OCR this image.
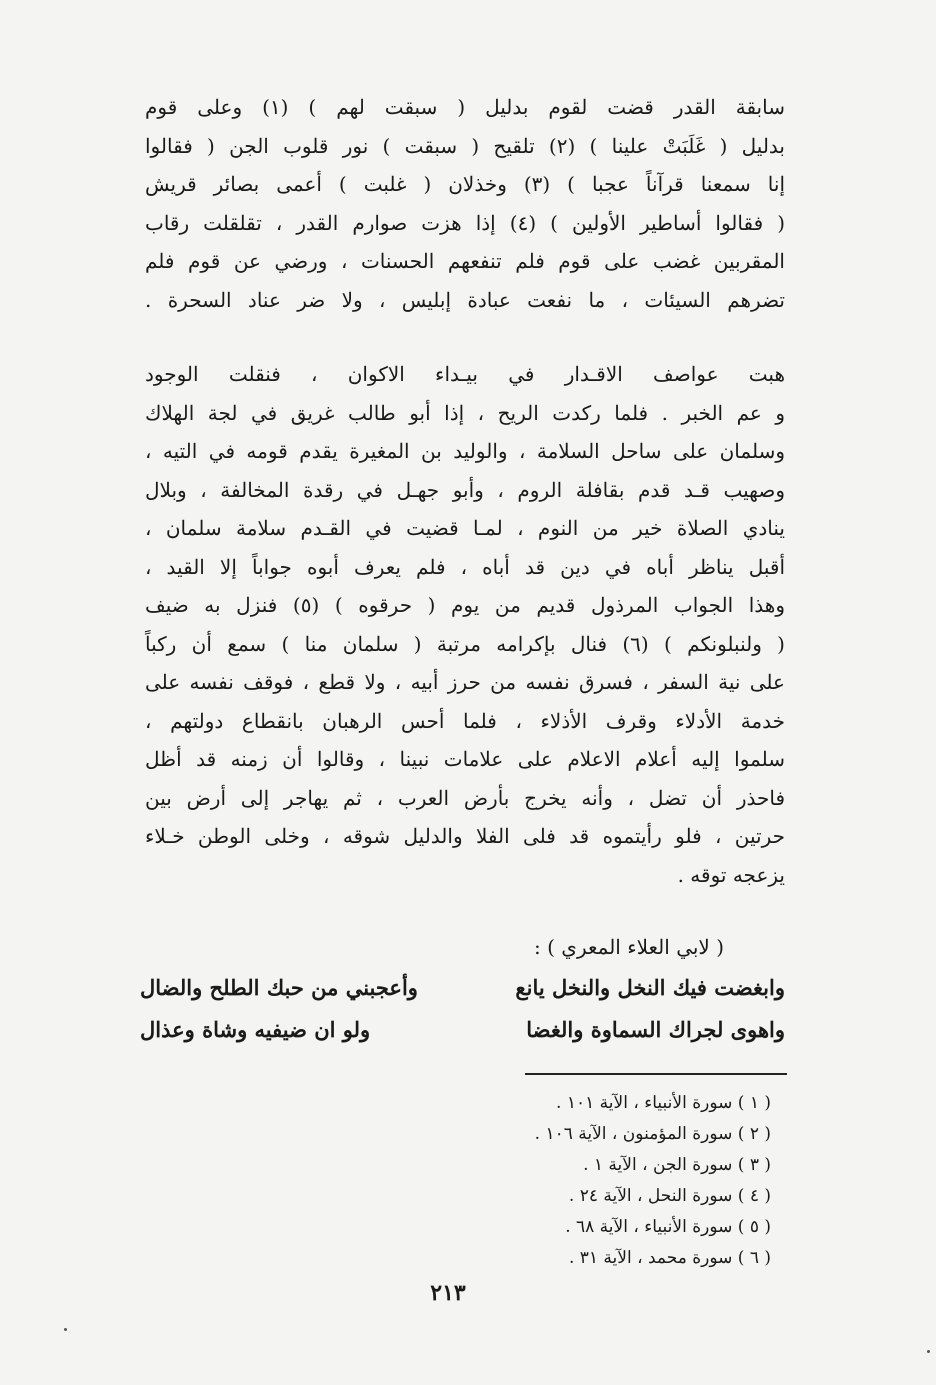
سابقة القدر قضت لقوم بدليل ( سبقت لهم ) (١) وعلى قوم
بدليل ( غَلَبَتْ علينا ) (٢) تلقيح ( سبقت ) نور قلوب الجن ( فقالوا
إنا سمعنا قرآناً عجبا ) (٣) وخذلان ( غلبت ) أعمى بصائر قريش
( فقالوا أساطير الأولين ) (٤) إذا هزت صوارم القدر ، تقلقلت رقاب
المقربين غضب على قوم فلم تنفعهم الحسنات ، ورضي عن قوم فلم
تضرهم السيئات ، ما نفعت عبادة إبليس ، ولا ضر عناد السحرة .
هبت عواصف الاقـدار في بيـداء الاكوان ، فنقلت الوجود
و عم الخبر . فلما ركدت الريح ، إذا أبو طالب غريق في لجة الهلاك
وسلمان على ساحل السلامة ، والوليد بن المغيرة يقدم قومه في التيه ،
وصهيب قـد قدم بقافلة الروم ، وأبو جهـل في رقدة المخالفة ، وبلال
ينادي الصلاة خير من النوم ، لمـا قضيت في القـدم سلامة سلمان ،
أقبل يناظر أباه في دين قد أباه ، فلم يعرف أبوه جواباً إلا القيد ،
وهذا الجواب المرذول قديم من يوم ( حرقوه ) (٥) فنزل به ضيف
( ولنبلونكم ) (٦) فنال بإكرامه مرتبة ( سلمان منا ) سمع أن ركباً
على نية السفر ، فسرق نفسه من حرز أبيه ، ولا قطع ، فوقف نفسه على
خدمة الأدلاء وقرف الأذلاء ، فلما أحس الرهبان بانقطاع دولتهم ،
سلموا إليه أعلام الاعلام على علامات نبينا ، وقالوا أن زمنه قد أظل
فاحذر أن تضل ، وأنه يخرج بأرض العرب ، ثم يهاجر إلى أرض بين
حرتين ، فلو رأيتموه قد فلى الفلا والدليل شوقه ، وخلى الوطن خـلاء
يزعجه توقه .
( لابي العلاء المعري ) :
وابغضت فيك النخل والنخل يانع
وأعجبني من حبك الطلح والضال
واهوى لجراك السماوة والغضا
ولو ان ضيفيه وشاة وعذال
( ١ ) سورة الأنبياء ، الآية ١٠١ .
( ٢ ) سورة المؤمنون ، الآية ١٠٦ .
( ٣ ) سورة الجن ، الآية ١ .
( ٤ ) سورة النحل ، الآية ٢٤ .
( ٥ ) سورة الأنبياء ، الآية ٦٨ .
( ٦ ) سورة محمد ، الآية ٣١ .
٢١٣
